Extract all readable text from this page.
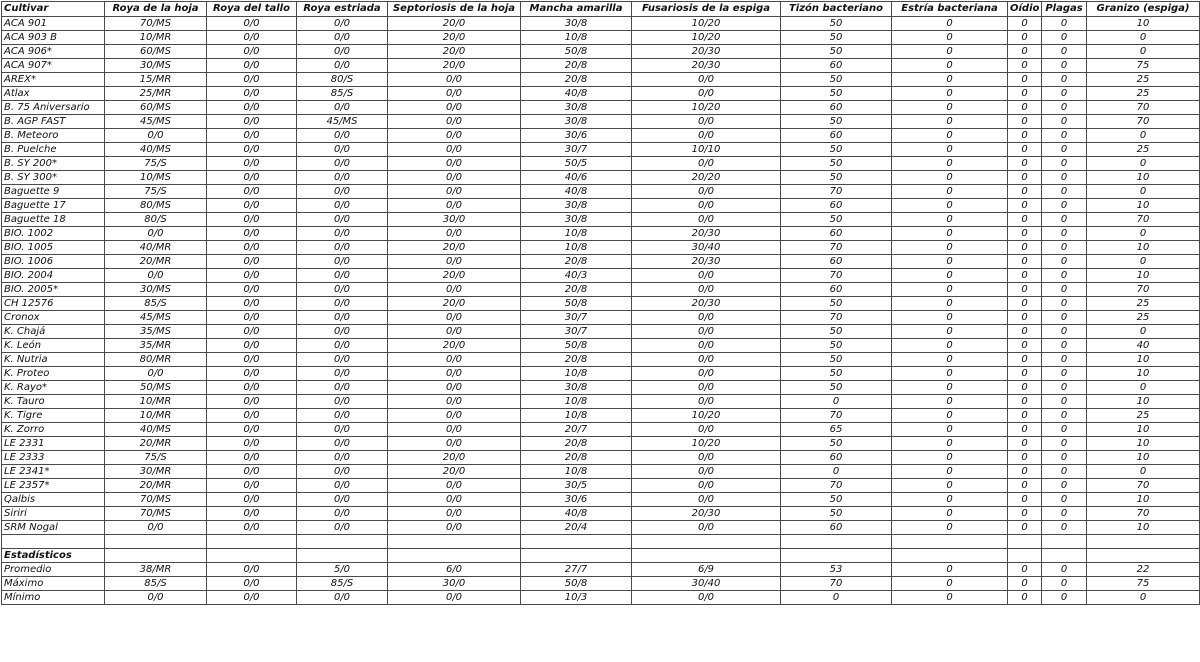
Cultivar	Roya de la hoja	Roya del tallo	Roya estriada	Septoriosis de la hoja	Mancha amarilla	Fusariosis de la espiga	Tizón bacteriano	Estría bacteriana	Oídio	Plagas	Granizo (espiga)
ACA 901	70/MS	0/0	0/0	20/0	30/8	10/20	50	0	0	0	10
ACA 903 B	10/MR	0/0	0/0	20/0	10/8	10/20	50	0	0	0	0
ACA 906*	60/MS	0/0	0/0	20/0	50/8	20/30	50	0	0	0	0
ACA 907*	30/MS	0/0	0/0	20/0	20/8	20/30	60	0	0	0	75
AREX*	15/MR	0/0	80/S	0/0	20/8	0/0	50	0	0	0	25
Atlax	25/MR	0/0	85/S	0/0	40/8	0/0	50	0	0	0	25
B. 75 Aniversario	60/MS	0/0	0/0	0/0	30/8	10/20	60	0	0	0	70
B. AGP FAST	45/MS	0/0	45/MS	0/0	30/8	0/0	50	0	0	0	70
B. Meteoro	0/0	0/0	0/0	0/0	30/6	0/0	60	0	0	0	0
B. Puelche	40/MS	0/0	0/0	0/0	30/7	10/10	50	0	0	0	25
B. SY 200*	75/S	0/0	0/0	0/0	50/5	0/0	50	0	0	0	0
B. SY 300*	10/MS	0/0	0/0	0/0	40/6	20/20	50	0	0	0	10
Baguette 9	75/S	0/0	0/0	0/0	40/8	0/0	70	0	0	0	0
Baguette 17	80/MS	0/0	0/0	0/0	30/8	0/0	60	0	0	0	10
Baguette 18	80/S	0/0	0/0	30/0	30/8	0/0	50	0	0	0	70
BIO. 1002	0/0	0/0	0/0	0/0	10/8	20/30	60	0	0	0	0
BIO. 1005	40/MR	0/0	0/0	20/0	10/8	30/40	70	0	0	0	10
BIO. 1006	20/MR	0/0	0/0	0/0	20/8	20/30	60	0	0	0	0
BIO. 2004	0/0	0/0	0/0	20/0	40/3	0/0	70	0	0	0	10
BIO. 2005*	30/MS	0/0	0/0	0/0	20/8	0/0	60	0	0	0	70
CH 12576	85/S	0/0	0/0	20/0	50/8	20/30	50	0	0	0	25
Cronox	45/MS	0/0	0/0	0/0	30/7	0/0	70	0	0	0	25
K. Chajá	35/MS	0/0	0/0	0/0	30/7	0/0	50	0	0	0	0
K. León	35/MR	0/0	0/0	20/0	50/8	0/0	50	0	0	0	40
K. Nutria	80/MR	0/0	0/0	0/0	20/8	0/0	50	0	0	0	10
K. Proteo	0/0	0/0	0/0	0/0	10/8	0/0	50	0	0	0	10
K. Rayo*	50/MS	0/0	0/0	0/0	30/8	0/0	50	0	0	0	0
K. Tauro	10/MR	0/0	0/0	0/0	10/8	0/0	0	0	0	0	10
K. Tigre	10/MR	0/0	0/0	0/0	10/8	10/20	70	0	0	0	25
K. Zorro	40/MS	0/0	0/0	0/0	20/7	0/0	65	0	0	0	10
LE 2331	20/MR	0/0	0/0	0/0	20/8	10/20	50	0	0	0	10
LE 2333	75/S	0/0	0/0	20/0	20/8	0/0	60	0	0	0	10
LE 2341*	30/MR	0/0	0/0	20/0	10/8	0/0	0	0	0	0	0
LE 2357*	20/MR	0/0	0/0	0/0	30/5	0/0	70	0	0	0	70
Qalbis	70/MS	0/0	0/0	0/0	30/6	0/0	50	0	0	0	10
Siriri	70/MS	0/0	0/0	0/0	40/8	20/30	50	0	0	0	70
SRM Nogal	0/0	0/0	0/0	0/0	20/4	0/0	60	0	0	0	10

Estadísticos											
Promedio	38/MR	0/0	5/0	6/0	27/7	6/9	53	0	0	0	22
Máximo	85/S	0/0	85/S	30/0	50/8	30/40	70	0	0	0	75
Mínimo	0/0	0/0	0/0	0/0	10/3	0/0	0	0	0	0	0
